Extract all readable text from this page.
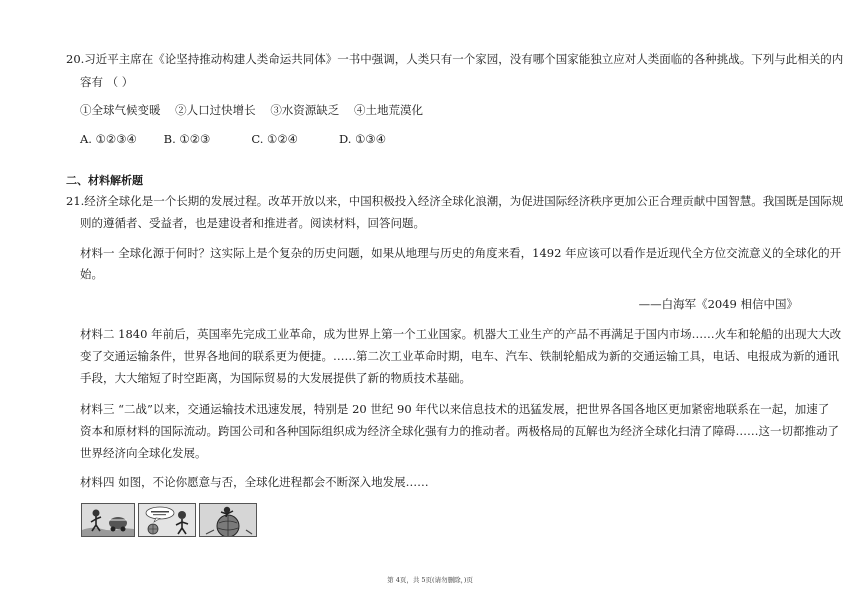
20.习近平主席在《论坚持推动构建人类命运共同体》一书中强调，人类只有一个家园，没有哪个国家能独立应对人类面临的各种挑战。下列与此相关的内
容有 （ ）
①全球气候变暖 ②人口过快增长 ③水资源缺乏 ④土地荒漠化
A. ①②③④ B. ①②③	C. ①②④	D. ①③④
二、材料解析题
21.经济全球化是一个长期的发展过程。改革开放以来，中国积极投入经济全球化浪潮，为促进国际经济秩序更加公正合理贡献中国智慧。我国既是国际规
则的遵循者、受益者，也是建设者和推进者。阅读材料，回答问题。
材料一 全球化源于何时？这实际上是个复杂的历史问题，如果从地理与历史的角度来看，1492 年应该可以看作是近现代全方位交流意义的全球化的开
始。
——白海军《2049 相信中国》
材料二 1840 年前后，英国率先完成工业革命，成为世界上第一个工业国家。机器大工业生产的产品不再满足于国内市场……火车和轮船的出现大大改
变了交通运输条件，世界各地间的联系更为便捷。……第二次工业革命时期，电车、汽车、铁制轮船成为新的交通运输工具，电话、电报成为新的通讯
手段，大大缩短了时空距离，为国际贸易的大发展提供了新的物质技术基础。
材料三 “二战”以来，交通运输技术迅速发展，特别是 20 世纪 90 年代以来信息技术的迅猛发展，把世界各国各地区更加紧密地联系在一起，加速了
资本和原材料的国际流动。跨国公司和各种国际组织成为经济全球化强有力的推动者。两极格局的瓦解也为经济全球化扫清了障碍……这一切都推动了
世界经济向全球化发展。
材料四 如图，不论你愿意与否，全球化进程都会不断深入地发展……
第 4页，共 5页(请勿删除，)页
